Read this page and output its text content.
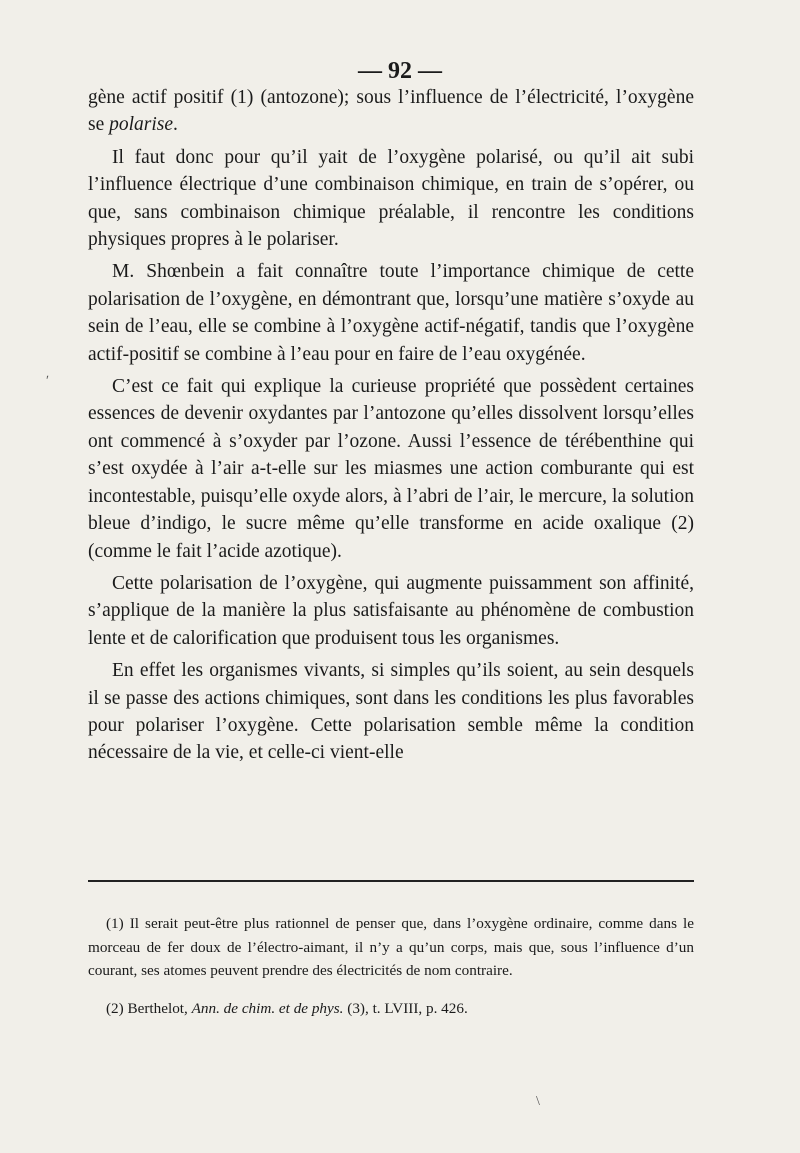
— 92 —

gène actif positif (1) (antozone); sous l’influence de l’électricité, l’oxygène se polarise.

Il faut donc pour qu’il yait de l’oxygène polarisé, ou qu’il ait subi l’influence électrique d’une combinaison chimique, en train de s’opérer, ou que, sans combinaison chimique préalable, il rencontre les conditions physiques propres à le polariser.

M. Shœnbein a fait connaître toute l’importance chimique de cette polarisation de l’oxygène, en démontrant que, lorsqu’une matière s’oxyde au sein de l’eau, elle se combine à l’oxygène actif-négatif, tandis que l’oxygène actif-positif se combine à l’eau pour en faire de l’eau oxygénée.

C’est ce fait qui explique la curieuse propriété que possèdent certaines essences de devenir oxydantes par l’antozone qu’elles dissolvent lorsqu’elles ont commencé à s’oxyder par l’ozone. Aussi l’essence de térébenthine qui s’est oxydée à l’air a-t-elle sur les miasmes une action comburante qui est incontestable, puisqu’elle oxyde alors, à l’abri de l’air, le mercure, la solution bleue d’indigo, le sucre même qu’elle transforme en acide oxalique (2) (comme le fait l’acide azotique).

Cette polarisation de l’oxygène, qui augmente puissamment son affinité, s’applique de la manière la plus satisfaisante au phénomène de combustion lente et de calorification que produisent tous les organismes.

En effet les organismes vivants, si simples qu’ils soient, au sein desquels il se passe des actions chimiques, sont dans les conditions les plus favorables pour polariser l’oxygène. Cette polarisation semble même la condition nécessaire de la vie, et celle-ci vient-elle

(1) Il serait peut-être plus rationnel de penser que, dans l’oxygène ordinaire, comme dans le morceau de fer doux de l’électro-aimant, il n’y a qu’un corps, mais que, sous l’influence d’un courant, ses atomes peuvent prendre des électricités de nom contraire.

(2) Berthelot, Ann. de chim. et de phys. (3), t. LVIII, p. 426.

ʹ
\
